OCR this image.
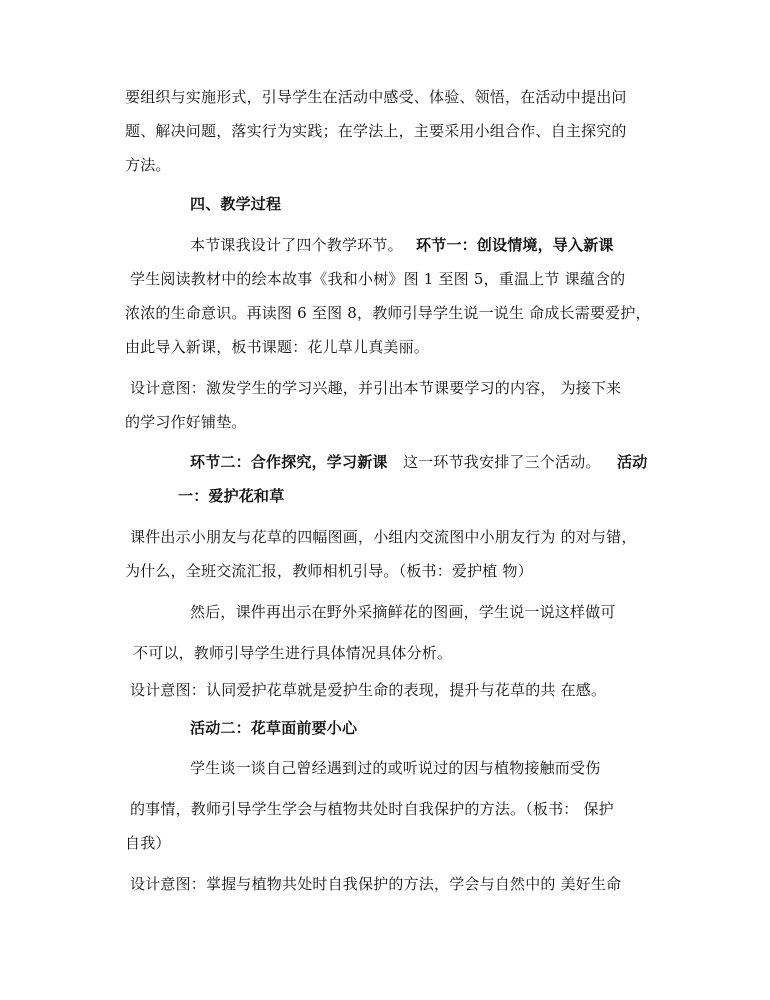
要组织与实施形式，引导学生在活动中感受、体验、领悟，在活动中提出问
题、解决问题，落实行为实践；在学法上，主要采用小组合作、自主探究的
方法。
四、教学过程
本节课我设计了四个教学环节。 环节一：创设情境，导入新课
学生阅读教材中的绘本故事《我和小树》图 1 至图 5，重温上节 课蕴含的
浓浓的生命意识。再读图 6 至图 8，教师引导学生说一说生 命成长需要爱护，
由此导入新课，板书课题：花儿草儿真美丽。
设计意图：激发学生的学习兴趣，并引出本节课要学习的内容， 为接下来
的学习作好铺垫。
环节二：合作探究，学习新课 这一环节我安排了三个活动。 活动
一：爱护花和草
课件出示小朋友与花草的四幅图画，小组内交流图中小朋友行为 的对与错，
为什么，全班交流汇报，教师相机引导。（板书：爱护植 物）
然后，课件再出示在野外采摘鲜花的图画，学生说一说这样做可
不可以，教师引导学生进行具体情况具体分析。
设计意图：认同爱护花草就是爱护生命的表现，提升与花草的共 在感。
活动二：花草面前要小心
学生谈一谈自己曾经遇到过的或听说过的因与植物接触而受伤
的事情，教师引导学生学会与植物共处时自我保护的方法。（板书： 保护
自我）
设计意图：掌握与植物共处时自我保护的方法，学会与自然中的 美好生命
